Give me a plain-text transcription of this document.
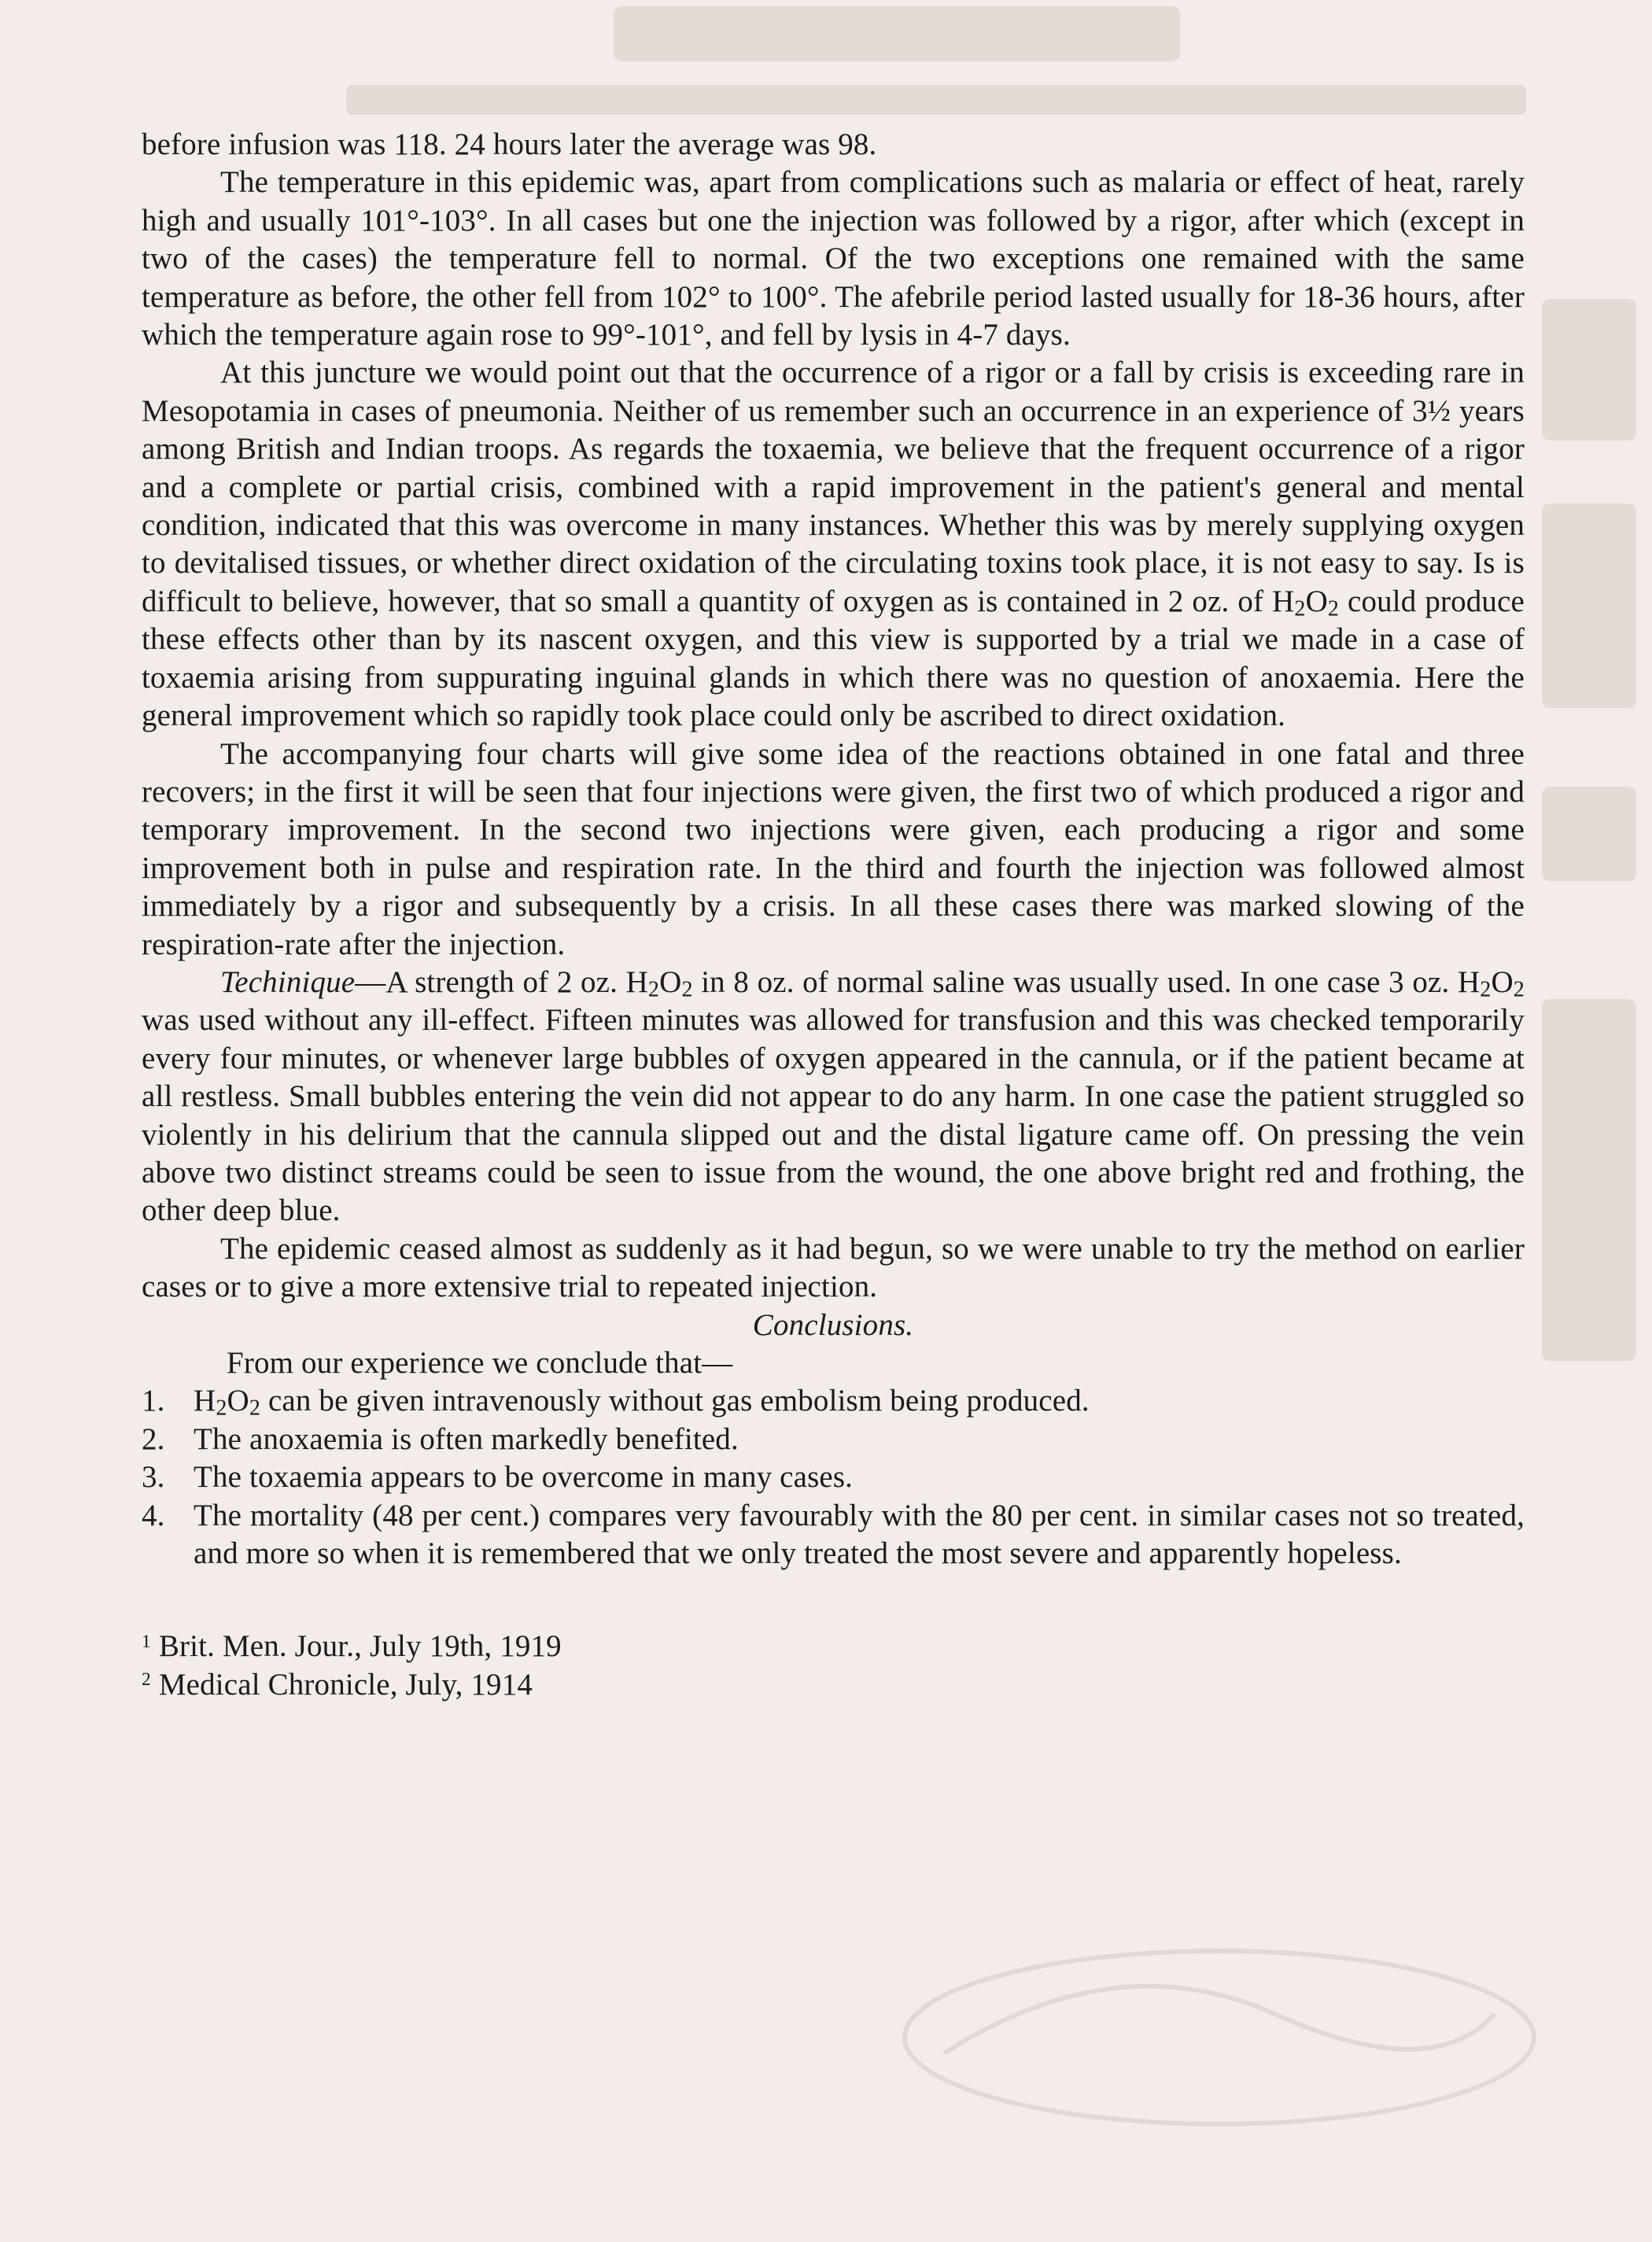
before infusion was 118. 24 hours later the average was 98.

The temperature in this epidemic was, apart from complications such as malaria or effect of heat, rarely high and usually 101°-103°. In all cases but one the injection was followed by a rigor, after which (except in two of the cases) the temperature fell to normal. Of the two exceptions one remained with the same temperature as before, the other fell from 102° to 100°. The afebrile period lasted usually for 18-36 hours, after which the temperature again rose to 99°-101°, and fell by lysis in 4-7 days.

At this juncture we would point out that the occurrence of a rigor or a fall by crisis is exceeding rare in Mesopotamia in cases of pneumonia. Neither of us remember such an occurrence in an experience of 3½ years among British and Indian troops. As regards the toxaemia, we believe that the frequent occurrence of a rigor and a complete or partial crisis, combined with a rapid improvement in the patient's general and mental condition, indicated that this was overcome in many instances. Whether this was by merely supplying oxygen to devitalised tissues, or whether direct oxidation of the circulating toxins took place, it is not easy to say. Is is difficult to believe, however, that so small a quantity of oxygen as is contained in 2 oz. of $H_2O_2$ could produce these effects other than by its nascent oxygen, and this view is supported by a trial we made in a case of toxaemia arising from suppurating inguinal glands in which there was no question of anoxaemia. Here the general improvement which so rapidly took place could only be ascribed to direct oxidation.

The accompanying four charts will give some idea of the reactions obtained in one fatal and three recovers; in the first it will be seen that four injections were given, the first two of which produced a rigor and temporary improvement. In the second two injections were given, each producing a rigor and some improvement both in pulse and respiration rate. In the third and fourth the injection was followed almost immediately by a rigor and subsequently by a crisis. In all these cases there was marked slowing of the respiration-rate after the injection.

Techinique—A strength of 2 oz. $H_2O_2$ in 8 oz. of normal saline was usually used. In one case 3 oz. $H_2O_2$ was used without any ill-effect. Fifteen minutes was allowed for transfusion and this was checked temporarily every four minutes, or whenever large bubbles of oxygen appeared in the cannula, or if the patient became at all restless. Small bubbles entering the vein did not appear to do any harm. In one case the patient struggled so violently in his delirium that the cannula slipped out and the distal ligature came off. On pressing the vein above two distinct streams could be seen to issue from the wound, the one above bright red and frothing, the other deep blue.

The epidemic ceased almost as suddenly as it had begun, so we were unable to try the method on earlier cases or to give a more extensive trial to repeated injection.

Conclusions.

From our experience we conclude that—

1. $H_2O_2$ can be given intravenously without gas embolism being produced.
2. The anoxaemia is often markedly benefited.
3. The toxaemia appears to be overcome in many cases.
4. The mortality (48 per cent.) compares very favourably with the 80 per cent. in similar cases not so treated, and more so when it is remembered that we only treated the most severe and apparently hopeless.

$^1$ Brit. Men. Jour., July 19th, 1919

$^2$ Medical Chronicle, July, 1914
